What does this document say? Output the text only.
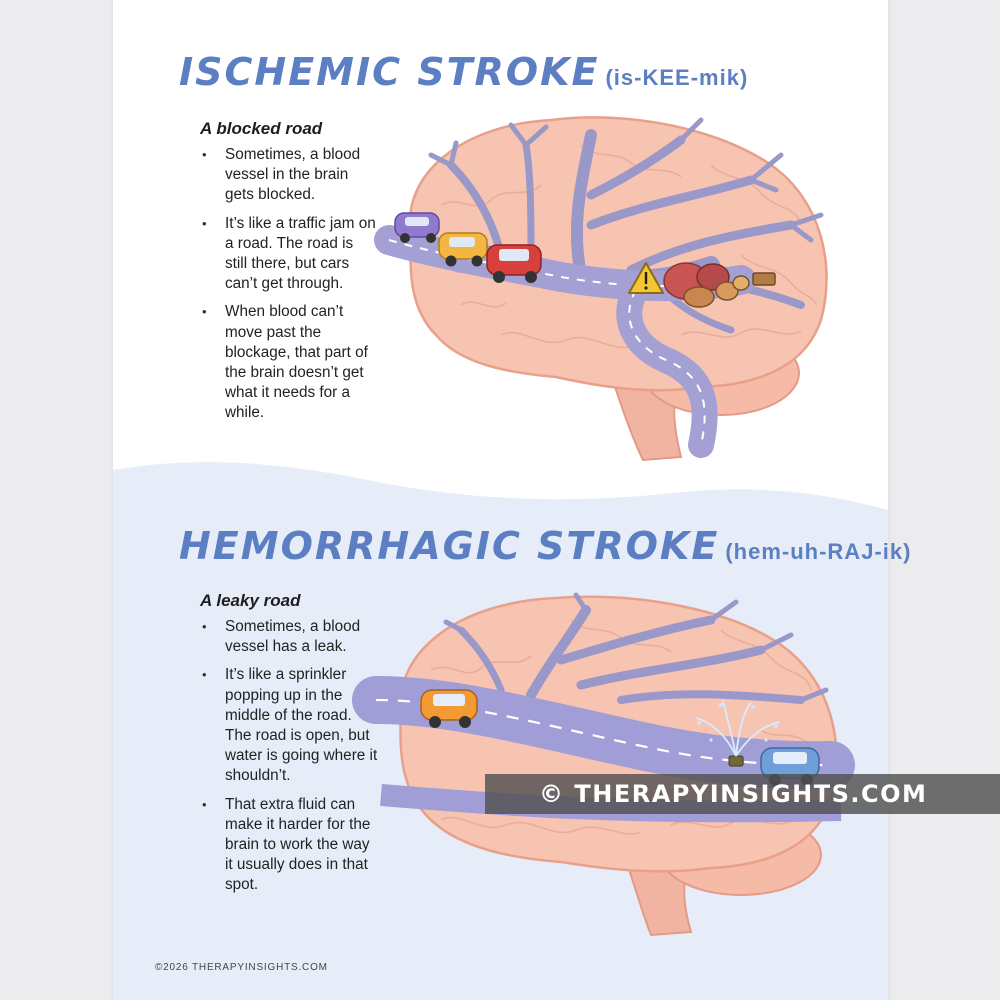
ISCHEMIC STROKE (is-KEE-mik)
A blocked road
• Sometimes, a blood vessel in the brain gets blocked.
• It’s like a traffic jam on a road. The road is still there, but cars can’t get through.
• When blood can’t move past the blockage, that part of the brain doesn’t get what it needs for a while.
HEMORRHAGIC STROKE (hem-uh-RAJ-ik)
A leaky road
• Sometimes, a blood vessel has a leak.
• It’s like a sprinkler popping up in the middle of the road. The road is open, but water is going where it shouldn’t.
• That extra fluid can make it harder for the brain to work the way it usually does in that spot.
©2026 THERAPYINSIGHTS.COM
© THERAPYINSIGHTS.COM
